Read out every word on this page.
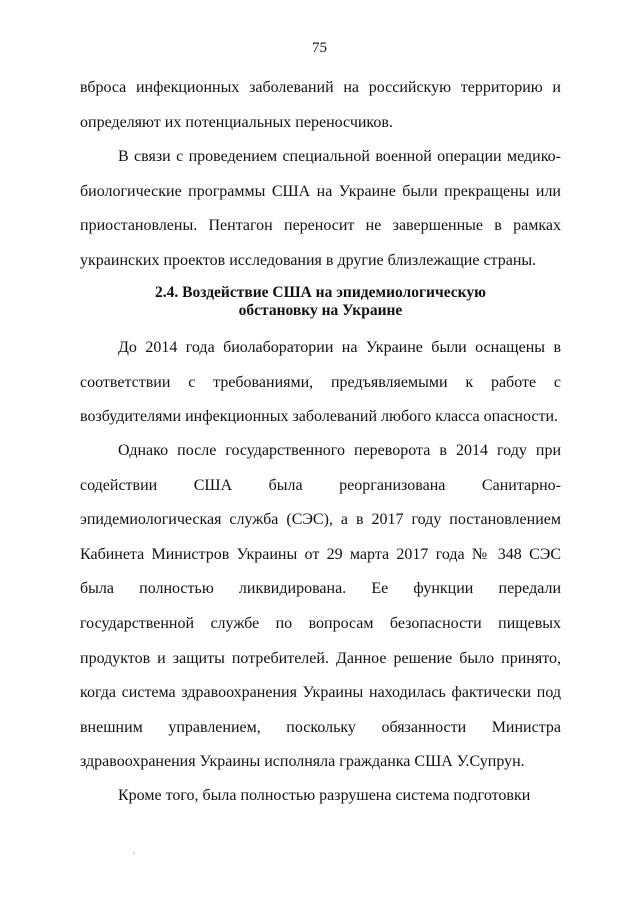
75

вброса инфекционных заболеваний на российскую территорию и определяют их потенциальных переносчиков.

В связи с проведением специальной военной операции медико-биологические программы США на Украине были прекращены или приостановлены. Пентагон переносит не завершенные в рамках украинских проектов исследования в другие близлежащие страны.

2.4. Воздействие США на эпидемиологическую
обстановку на Украине

До 2014 года биолаборатории на Украине были оснащены в соответствии с требованиями, предъявляемыми к работе с возбудителями инфекционных заболеваний любого класса опасности.

Однако после государственного переворота в 2014 году при содействии США была реорганизована Санитарно-эпидемиологическая служба (СЭС), а в 2017 году постановлением Кабинета Министров Украины от 29 марта 2017 года № 348 СЭС была полностью ликвидирована. Ее функции передали государственной службе по вопросам безопасности пищевых продуктов и защиты потребителей. Данное решение было принято, когда система здравоохранения Украины находилась фактически под внешним управлением, поскольку обязанности Министра здравоохранения Украины исполняла гражданка США У.Супрун.

Кроме того, была полностью разрушена система подготовки
